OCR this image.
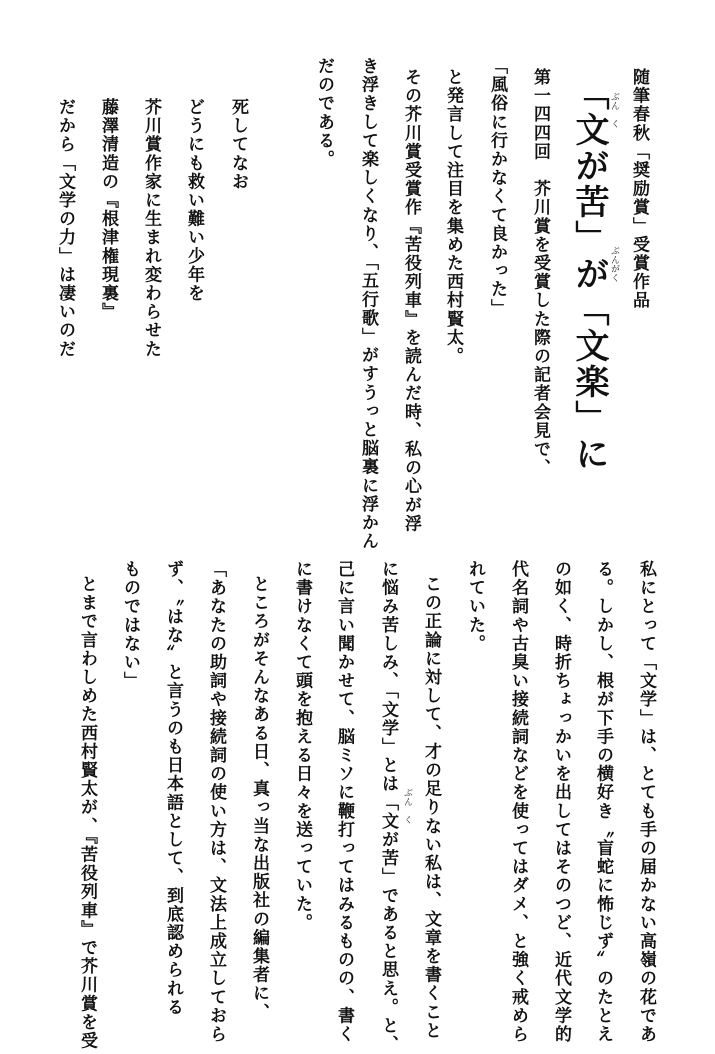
随筆春秋「奨励賞」受賞作品
「文が苦」が「文楽」に ぶん　く
ぶんがく
第一四四回　芥川賞を受賞した際の記者会見で、
「風俗に行かなくて良かった」
と発言して注目を集めた西村賢太。
その芥川賞受賞作『苦役列車』を読んだ時、私の心が浮
き浮きして楽しくなり、「五行歌」がすうっと脳裏に浮かん
だのである。
死してなお
どうにも救い難い少年を
芥川賞作家に生まれ変わらせた
藤澤清造の『根津権現裏』
だから「文学の力」は凄いのだ
私にとって「文学」は、とても手の届かない高嶺の花であ
る。しかし、根が下手の横好き〝盲蛇に怖じず〟のたとえ
の如く、時折ちょっかいを出してはそのつど、近代文学的
代名詞や古臭い接続詞などを使ってはダメ、と強く戒めら
れていた。
この正論に対して、才の足りない私は、文章を書くこと
に悩み苦しみ、「文学」とは「文が苦」であると思え。と、 ぶん　く
己に言い聞かせて、脳ミソに鞭打ってはみるものの、書く
に書けなくて頭を抱える日々を送っていた。
ところがそんなある日、真っ当な出版社の編集者に、
「あなたの助詞や接続詞の使い方は、文法上成立しておら
ず、〝はな〟と言うのも日本語として、到底認められる
ものではない」
とまで言わしめた西村賢太が、『苦役列車』で芥川賞を受
